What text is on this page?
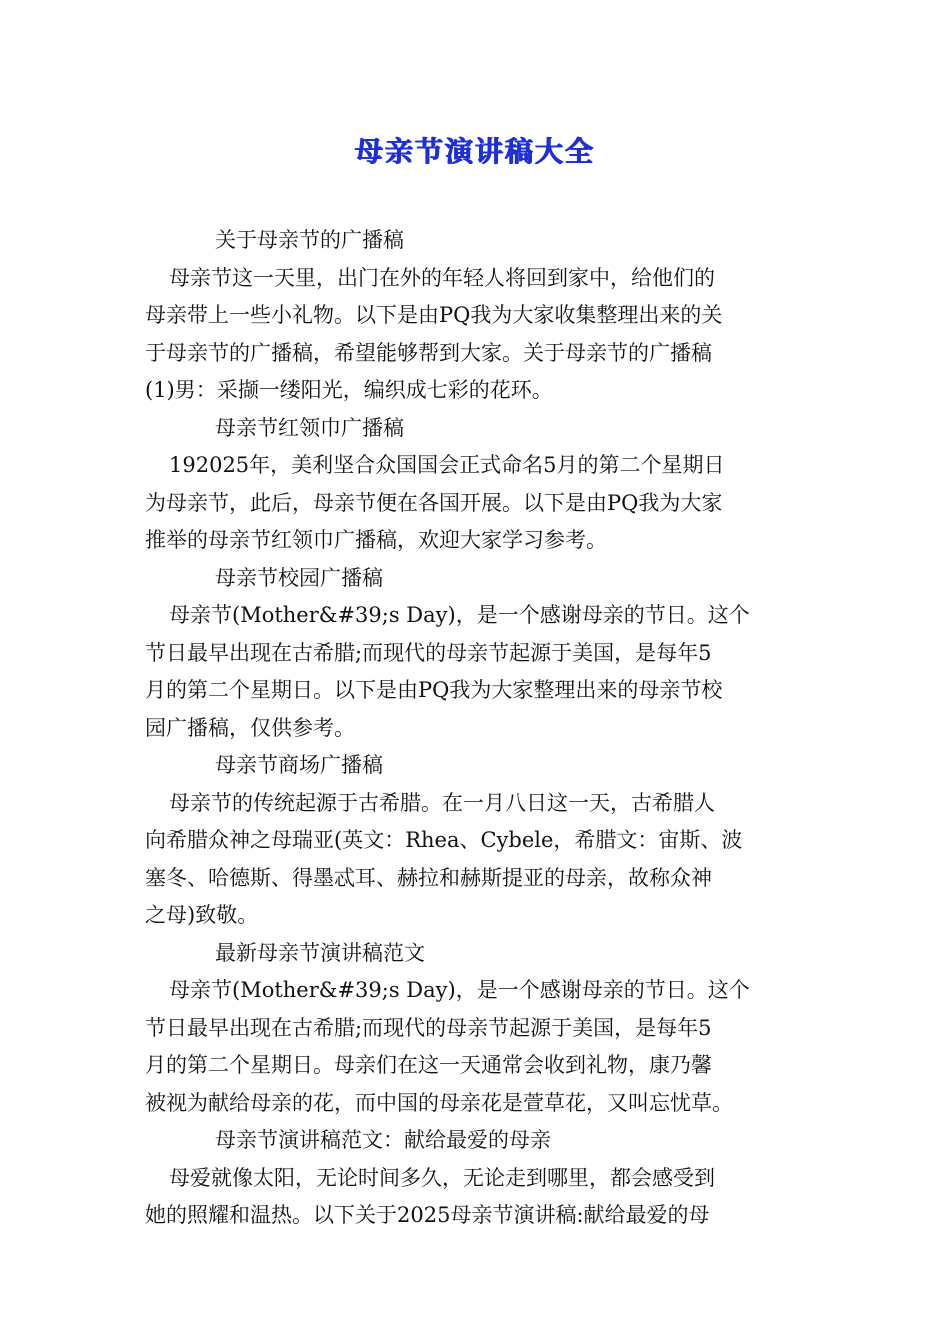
母亲节演讲稿大全
关于母亲节的广播稿
母亲节这一天里，出门在外的年轻人将回到家中，给他们的
母亲带上一些小礼物。以下是由PQ我为大家收集整理出来的关
于母亲节的广播稿，希望能够帮到大家。关于母亲节的广播稿
(1)男：采撷一缕阳光，编织成七彩的花环。
母亲节红领巾广播稿
192025年，美利坚合众国国会正式命名5月的第二个星期日
为母亲节，此后，母亲节便在各国开展。以下是由PQ我为大家
推举的母亲节红领巾广播稿，欢迎大家学习参考。
母亲节校园广播稿
母亲节(Mother&#39;s Day)，是一个感谢母亲的节日。这个
节日最早出现在古希腊;而现代的母亲节起源于美国，是每年5
月的第二个星期日。以下是由PQ我为大家整理出来的母亲节校
园广播稿，仅供参考。
母亲节商场广播稿
母亲节的传统起源于古希腊。在一月八日这一天，古希腊人
向希腊众神之母瑞亚(英文：Rhea、Cybele，希腊文：宙斯、波
塞冬、哈德斯、得墨忒耳、赫拉和赫斯提亚的母亲，故称众神
之母)致敬。
最新母亲节演讲稿范文
母亲节(Mother&#39;s Day)，是一个感谢母亲的节日。这个
节日最早出现在古希腊;而现代的母亲节起源于美国，是每年5
月的第二个星期日。母亲们在这一天通常会收到礼物，康乃馨
被视为献给母亲的花，而中国的母亲花是萱草花，又叫忘忧草。
母亲节演讲稿范文：献给最爱的母亲
母爱就像太阳，无论时间多久，无论走到哪里，都会感受到
她的照耀和温热。以下关于2025母亲节演讲稿:献给最爱的母
